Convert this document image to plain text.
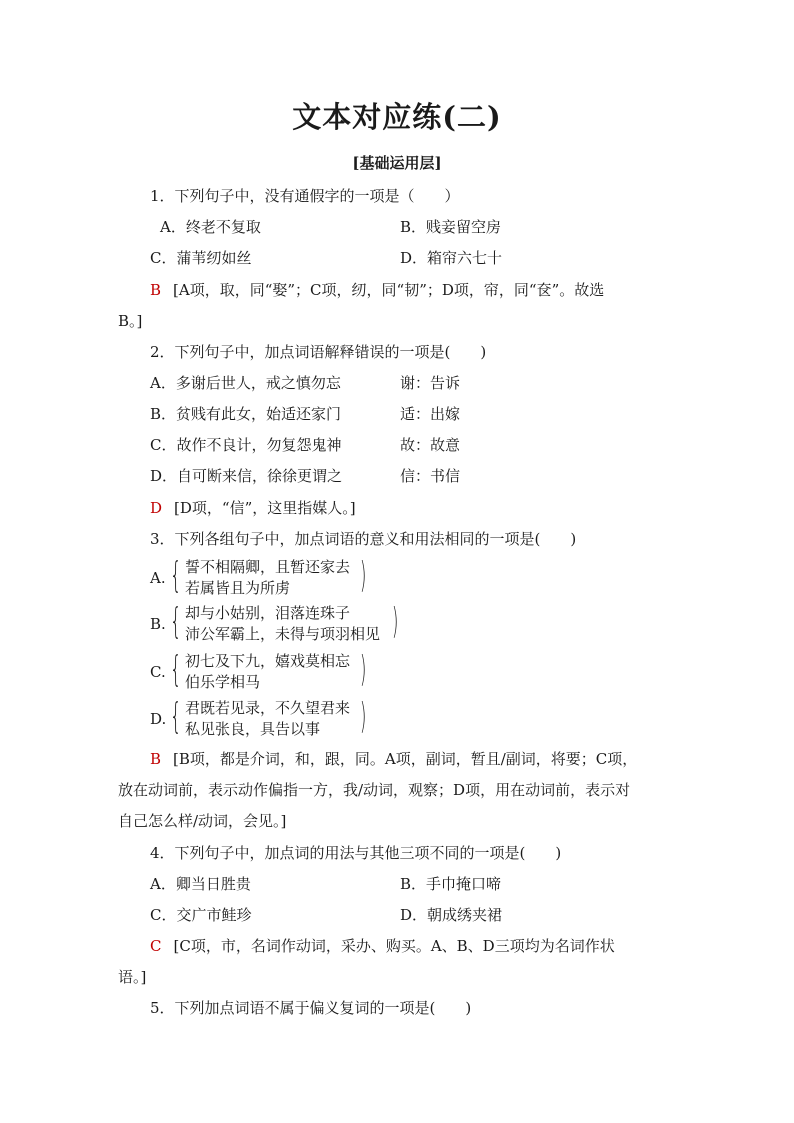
文本对应练(二)
[基础运用层]
1．下列句子中，没有通假字的一项是（　　）
A．终老不复取	B．贱妾留空房
C．蒲苇纫如丝	D．箱帘六七十
B [A项，取，同“娶”；C项，纫，同“韧”；D项，帘，同“奁”。故选
B。]
2．下列句子中，加点词语解释错误的一项是(　　)
A．多谢后世人，戒之慎勿忘	谢：告诉
B．贫贱有此女，始适还家门	适：出嫁
C．故作不良计，勿复怨鬼神	故：故意
D．自可断来信，徐徐更谓之	信：书信
D [D项，“信”，这里指媒人。]
3．下列各组句子中，加点词语的意义和用法相同的一项是(　　)
A. { 誓不相隔卿，且暂还家去
若属皆且为所虏 )
B. { 却与小姑别，泪落连珠子
沛公军霸上，未得与项羽相见 )
C. { 初七及下九，嬉戏莫相忘
伯乐学相马	)
D. { 君既若见录，不久望君来
私见张良，具告以事 )
B [B项，都是介词，和，跟，同。A项，副词，暂且/副词，将要；C项，
放在动词前，表示动作偏指一方，我/动词，观察；D项，用在动词前，表示对
自己怎么样/动词，会见。]
4．下列句子中，加点词的用法与其他三项不同的一项是(　　)
A．卿当日胜贵	B．手巾掩口啼
C．交广市鲑珍	D．朝成绣夹裙
C [C项，市，名词作动词，采办、购买。A、B、D三项均为名词作状
语。]
5．下列加点词语不属于偏义复词的一项是(　　)
